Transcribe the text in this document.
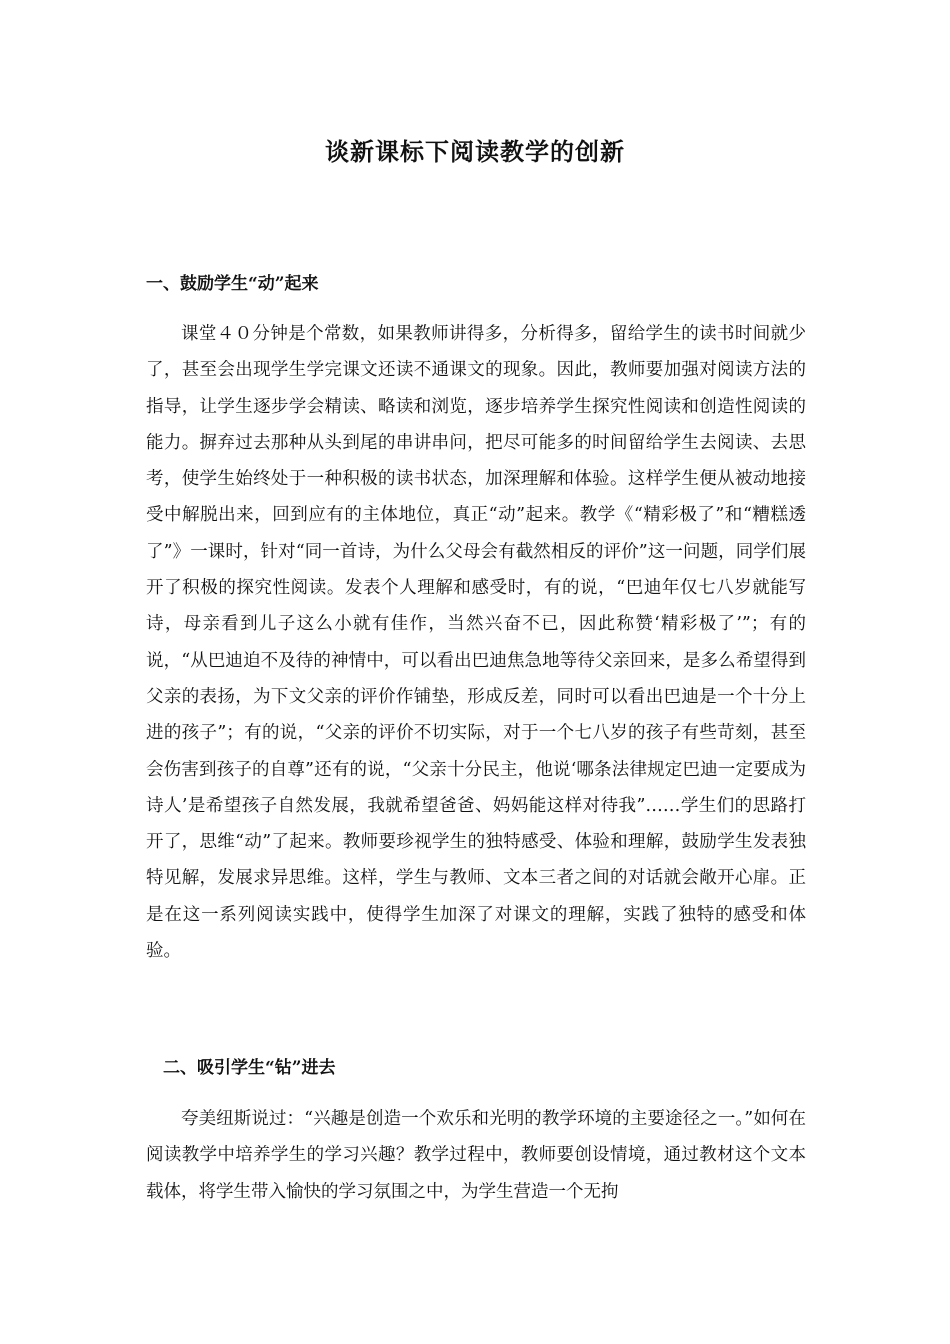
谈新课标下阅读教学的创新
一、鼓励学生“动”起来

课堂４０分钟是个常数，如果教师讲得多，分析得多，留给学生的读书时间就少了，甚至会出现学生学完课文还读不通课文的现象。因此，教师要加强对阅读方法的指导，让学生逐步学会精读、略读和浏览，逐步培养学生探究性阅读和创造性阅读的能力。摒弃过去那种从头到尾的串讲串问，把尽可能多的时间留给学生去阅读、去思考，使学生始终处于一种积极的读书状态，加深理解和体验。这样学生便从被动地接受中解脱出来，回到应有的主体地位，真正“动”起来。教学《“精彩极了”和“糟糕透了”》一课时，针对“同一首诗，为什么父母会有截然相反的评价”这一问题，同学们展开了积极的探究性阅读。发表个人理解和感受时，有的说，“巴迪年仅七八岁就能写诗，母亲看到儿子这么小就有佳作，当然兴奋不已，因此称赞‘精彩极了’”；有的说，“从巴迪迫不及待的神情中，可以看出巴迪焦急地等待父亲回来，是多么希望得到父亲的表扬，为下文父亲的评价作铺垫，形成反差，同时可以看出巴迪是一个十分上进的孩子”；有的说，“父亲的评价不切实际，对于一个七八岁的孩子有些苛刻，甚至会伤害到孩子的自尊”还有的说，“父亲十分民主，他说‘哪条法律规定巴迪一定要成为诗人’是希望孩子自然发展，我就希望爸爸、妈妈能这样对待我”……学生们的思路打开了，思维“动”了起来。教师要珍视学生的独特感受、体验和理解，鼓励学生发表独特见解，发展求异思维。这样，学生与教师、文本三者之间的对话就会敞开心扉。正是在这一系列阅读实践中，使得学生加深了对课文的理解，实践了独特的感受和体验。

二、吸引学生“钻”进去

夸美纽斯说过：“兴趣是创造一个欢乐和光明的教学环境的主要途径之一。”如何在阅读教学中培养学生的学习兴趣？教学过程中，教师要创设情境，通过教材这个文本载体，将学生带入愉快的学习氛围之中，为学生营造一个无拘
